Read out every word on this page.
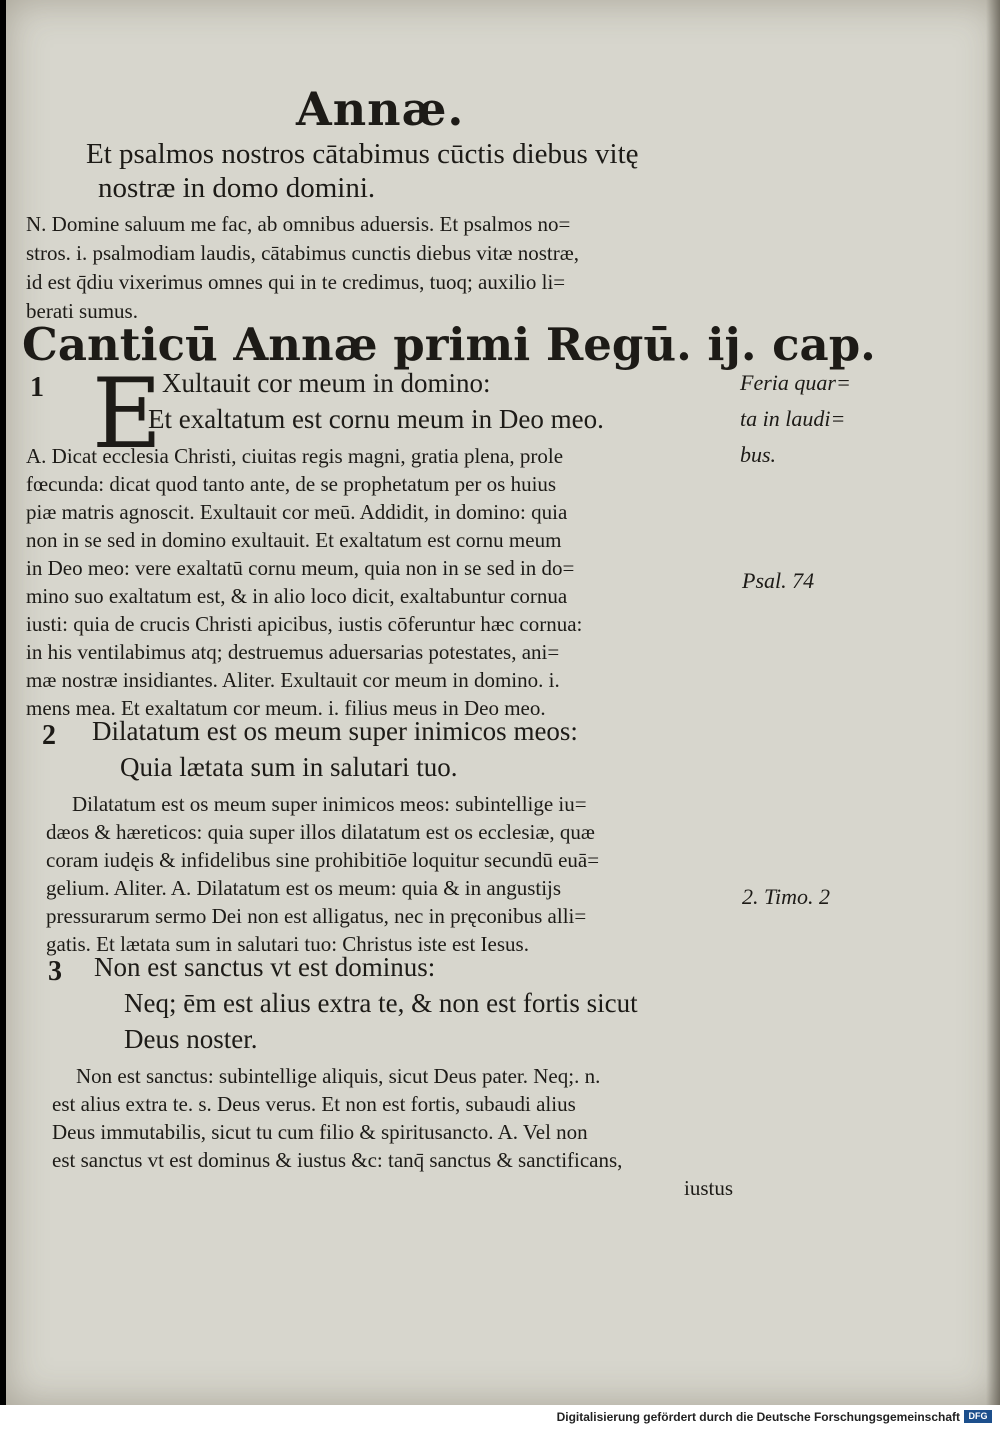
Annæ.
Canticū Annæ primi Regū. ij. cap.
E
Et psalmos nostros cātabimus cūctis diebus vitę
nostræ in domo domini.
N. Domine saluum me fac, ab omnibus aduersis. Et psalmos no=
stros. i. psalmodiam laudis, cātabimus cunctis diebus vitæ nostræ,
id est q̄diu vixerimus omnes qui in te credimus, tuoq; auxilio li=
berati sumus.
Xultauit cor meum in domino:
Et exaltatum est cornu meum in Deo meo.
A. Dicat ecclesia Christi, ciuitas regis magni, gratia plena, prole
fœcunda: dicat quod tanto ante, de se prophetatum per os huius
piæ matris agnoscit. Exultauit cor meū. Addidit, in domino: quia
non in se sed in domino exultauit. Et exaltatum est cornu meum
in Deo meo: vere exaltatū cornu meum, quia non in se sed in do=
mino suo exaltatum est, & in alio loco dicit, exaltabuntur cornua
iusti: quia de crucis Christi apicibus, iustis cōferuntur hæc cornua:
in his ventilabimus atq; destruemus aduersarias potestates, ani=
mæ nostræ insidiantes. Aliter. Exultauit cor meum in domino. i.
mens mea. Et exaltatum cor meum. i. filius meus in Deo meo.
Dilatatum est os meum super inimicos meos:
Quia lætata sum in salutari tuo.
Dilatatum est os meum super inimicos meos: subintellige iu=
dæos & hæreticos: quia super illos dilatatum est os ecclesiæ, quæ
coram iudęis & infidelibus sine prohibitiōe loquitur secundū euā=
gelium. Aliter. A. Dilatatum est os meum: quia & in angustijs
pressurarum sermo Dei non est alligatus, nec in pręconibus alli=
gatis. Et lætata sum in salutari tuo: Christus iste est Iesus.
Non est sanctus vt est dominus:
Neq; ēm est alius extra te, & non est fortis sicut
Deus noster.
Non est sanctus: subintellige aliquis, sicut Deus pater. Neq;. n.
est alius extra te. s. Deus verus. Et non est fortis, subaudi alius
Deus immutabilis, sicut tu cum filio & spiritusancto. A. Vel non
est sanctus vt est dominus & iustus &c: tanq̄ sanctus & sanctificans,
iustus
1
2
3
Feria quar=
ta in laudi=
bus.
Psal. 74
2. Timo. 2
Digitalisierung gefördert durch die Deutsche Forschungsgemeinschaft DFG
